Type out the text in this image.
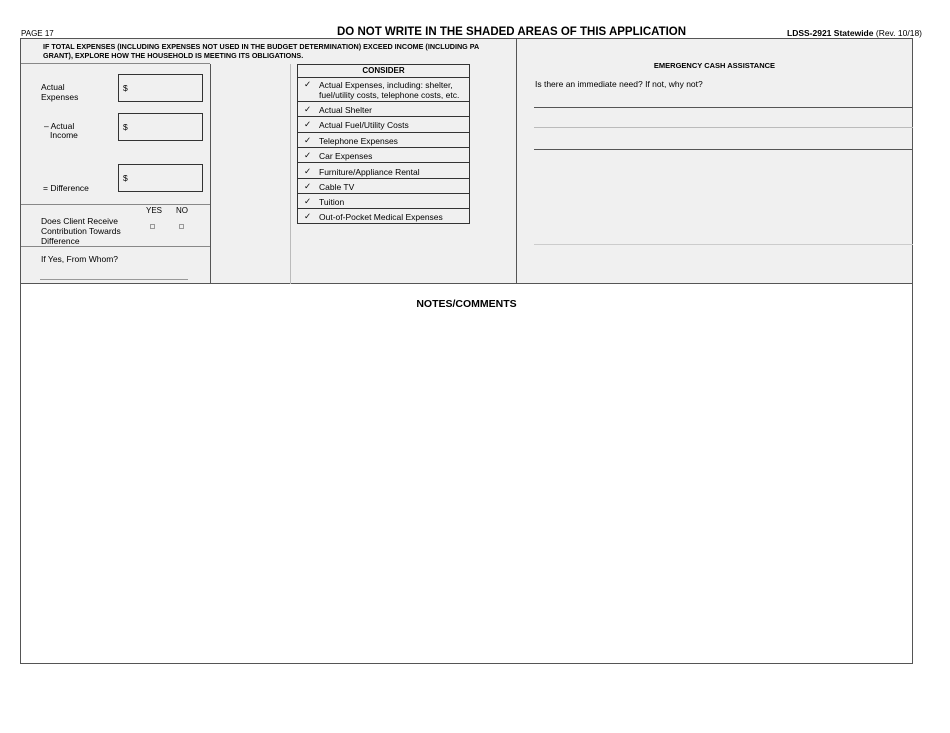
PAGE 17	DO NOT WRITE IN THE SHADED AREAS OF THIS APPLICATION	LDSS-2921 Statewide (Rev. 10/18)
IF TOTAL EXPENSES (INCLUDING EXPENSES NOT USED IN THE BUDGET DETERMINATION) EXCEED INCOME (INCLUDING PA GRANT), EXPLORE HOW THE HOUSEHOLD IS MEETING ITS OBLIGATIONS.
Actual Expenses
$
– Actual
Income
$
= Difference
$
YES NO
Does Client Receive Contribution Towards Difference
If Yes, From Whom?
CONSIDER
✓ Actual Expenses, including: shelter, fuel/utility costs, telephone costs, etc.
✓ Actual Shelter
✓ Actual Fuel/Utility Costs
✓ Telephone Expenses
✓ Car Expenses
✓ Furniture/Appliance Rental
✓ Cable TV
✓ Tuition
✓ Out-of-Pocket Medical Expenses
EMERGENCY CASH ASSISTANCE
Is there an immediate need? If not, why not?
NOTES/COMMENTS
